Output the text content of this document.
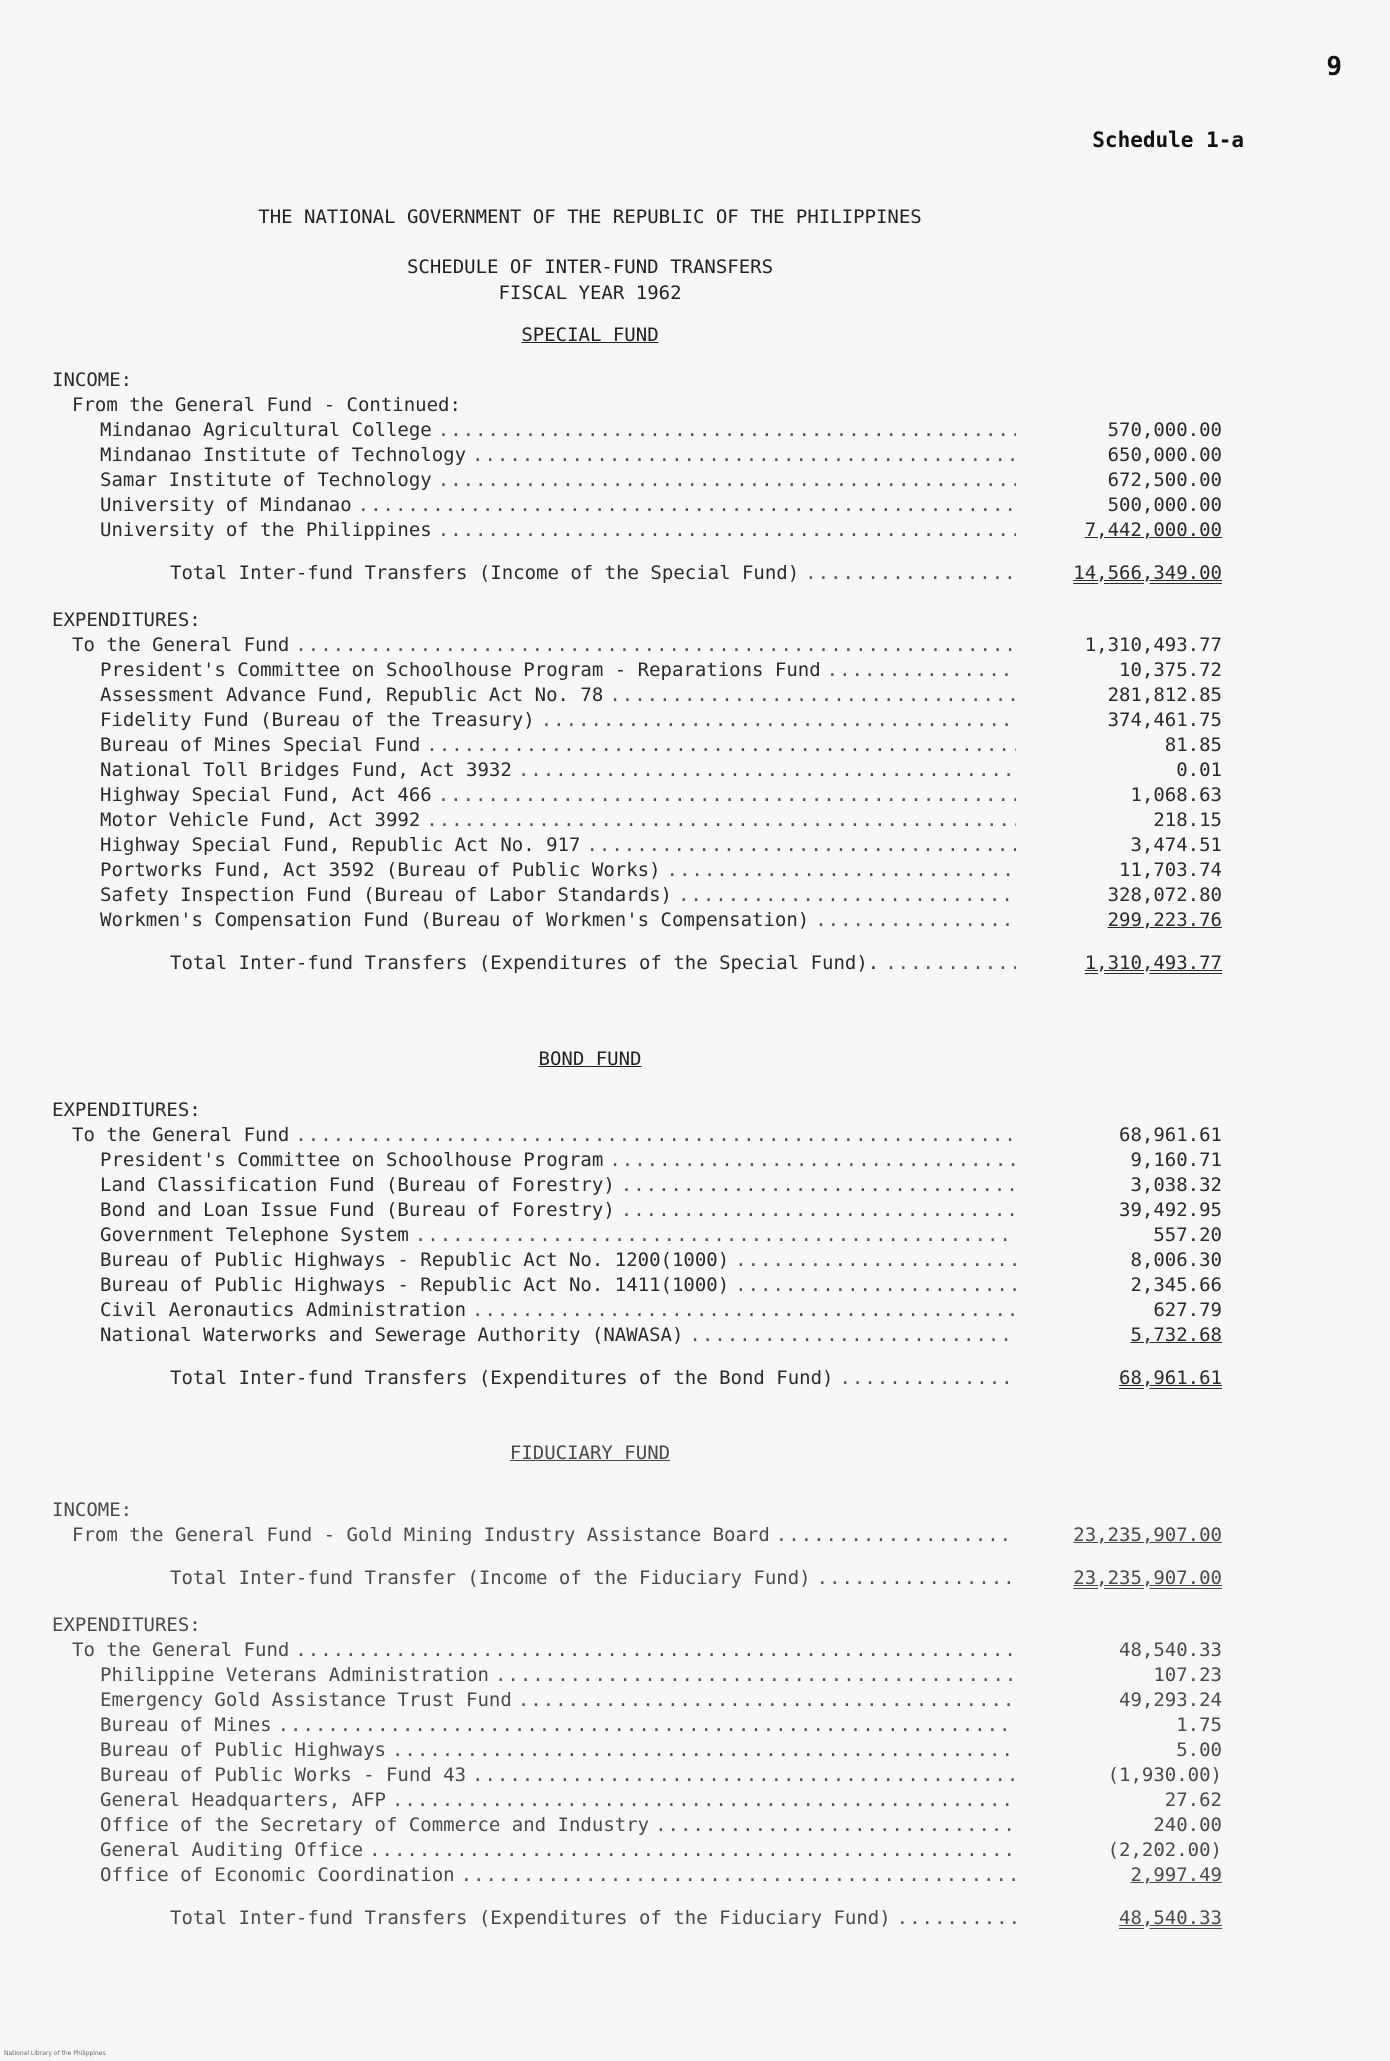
9
Schedule 1-a
THE NATIONAL GOVERNMENT OF THE REPUBLIC OF THE PHILIPPINES
SCHEDULE OF INTER-FUND TRANSFERS
FISCAL YEAR 1962
SPECIAL FUND
INCOME:
From the General Fund - Continued:
Mindanao Agricultural College .....	570,000.00
Mindanao Institute of Technology .....	650,000.00
Samar Institute of Technology .....	672,500.00
University of Mindanao .....	500,000.00
University of the Philippines .....	7,442,000.00
Total Inter-fund Transfers (Income of the Special Fund) .....	14,566,349.00
EXPENDITURES:
To the General Fund .....	1,310,493.77
President's Committee on Schoolhouse Program - Reparations Fund .....	10,375.72
Assessment Advance Fund, Republic Act No. 78 .....	281,812.85
Fidelity Fund (Bureau of the Treasury) .....	374,461.75
Bureau of Mines Special Fund .....	81.85
National Toll Bridges Fund, Act 3932 .....	0.01
Highway Special Fund, Act 466 .....	1,068.63
Motor Vehicle Fund, Act 3992 .....	218.15
Highway Special Fund, Republic Act No. 917 .....	3,474.51
Portworks Fund, Act 3592 (Bureau of Public Works) .....	11,703.74
Safety Inspection Fund (Bureau of Labor Standards) .....	328,072.80
Workmen's Compensation Fund (Bureau of Workmen's Compensation) .....	299,223.76
Total Inter-fund Transfers (Expenditures of the Special Fund). .....	1,310,493.77
BOND FUND
EXPENDITURES:
To the General Fund .....	68,961.61
President's Committee on Schoolhouse Program .....	9,160.71
Land Classification Fund (Bureau of Forestry) .....	3,038.32
Bond and Loan Issue Fund (Bureau of Forestry) .....	39,492.95
Government Telephone System .....	557.20
Bureau of Public Highways - Republic Act No. 1200(1000) .....	8,006.30
Bureau of Public Highways - Republic Act No. 1411(1000) .....	2,345.66
Civil Aeronautics Administration .....	627.79
National Waterworks and Sewerage Authority (NAWASA) .....	5,732.68
Total Inter-fund Transfers (Expenditures of the Bond Fund) .....	68,961.61
FIDUCIARY FUND
INCOME:
From the General Fund - Gold Mining Industry Assistance Board .....	23,235,907.00
Total Inter-fund Transfer (Income of the Fiduciary Fund) .....	23,235,907.00
EXPENDITURES:
To the General Fund .....	48,540.33
Philippine Veterans Administration .....	107.23
Emergency Gold Assistance Trust Fund .....	49,293.24
Bureau of Mines .....	1.75
Bureau of Public Highways .....	5.00
Bureau of Public Works - Fund 43 .....	(1,930.00)
General Headquarters, AFP .....	27.62
Office of the Secretary of Commerce and Industry .....	240.00
General Auditing Office .....	(2,202.00)
Office of Economic Coordination .....	2,997.49
Total Inter-fund Transfers (Expenditures of the Fiduciary Fund) .....	48,540.33
National Library of the Philippines
